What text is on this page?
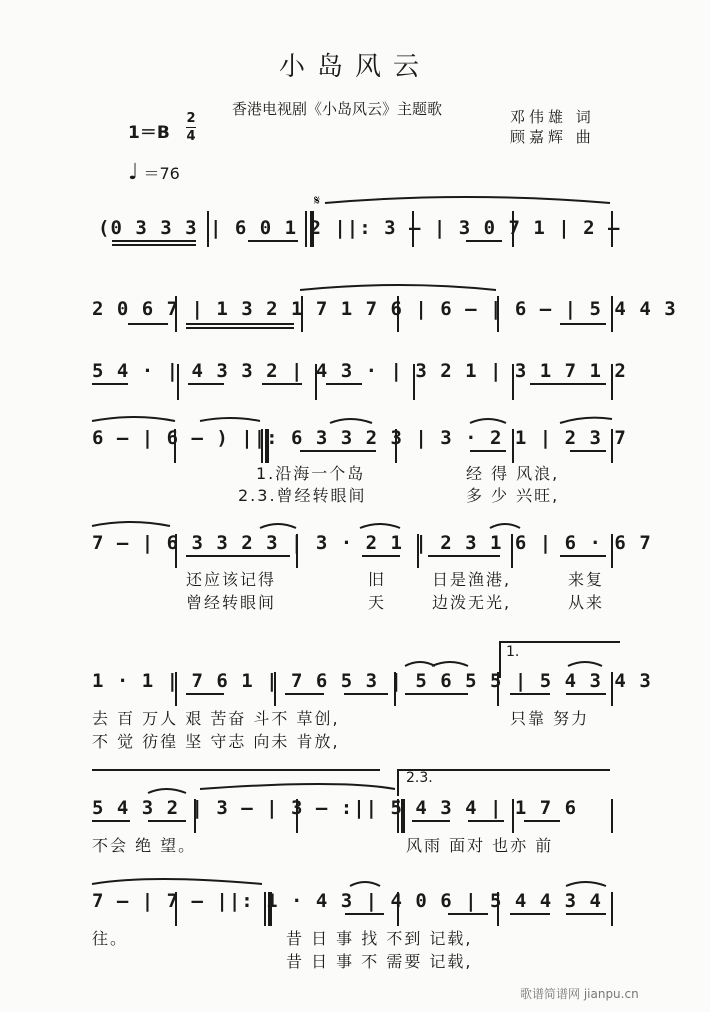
小岛风云
香港电视剧《小岛风云》主题歌	邓伟雄 词
顾嘉辉 曲
1＝B
2
4
♩ ＝76
𝄋
(0 3 3 3 | 6 0 1 2 ||: 3 — | 3 0 7 1 | 2 —
2 0 6 7 | 1 3 2 1 7 1 7 6 | 6 — | 6 — | 5 4 4 3
5 4 · | 4 3 3 2 | 4 3 · | 3 2 1 | 3 1 7 1 2
6 — | 6 — ) ||: 6 3 3 2 3 | 3 · 2 1 | 2 3 7
1.沿海一个岛	经 得 风浪,
2.3.曾经转眼间	多 少 兴旺,
7 — | 6 3 3 2 3 | 3 · 2 1 | 2 3 1 6 | 6 · 6 7
还应该记得	旧	日是渔港,	来复
曾经转眼间	天	边泼无光,	从来
1.
1 · 1 | 7 6 1 | 7 6 5 3 | 5 6 5 5 | 5 4 3 4 3
去 百 万人 艰 苦奋 斗不 草创,	只靠 努力
不 觉 彷徨 坚 守志 向未 肯放,
2.3.
5 4 3 2 | 3 — | 3 — :|| 5 4 3 4 | 1 7 6
不会 绝 望。	风雨 面对 也亦 前
7 — | 7 — ||: 1 · 4 3 | 4 0 6 | 5 4 4 3 4
往。	昔 日 事 找 不到 记载,
昔 日 事 不 需要 记载,
歌谱简谱网 jianpu.cn
